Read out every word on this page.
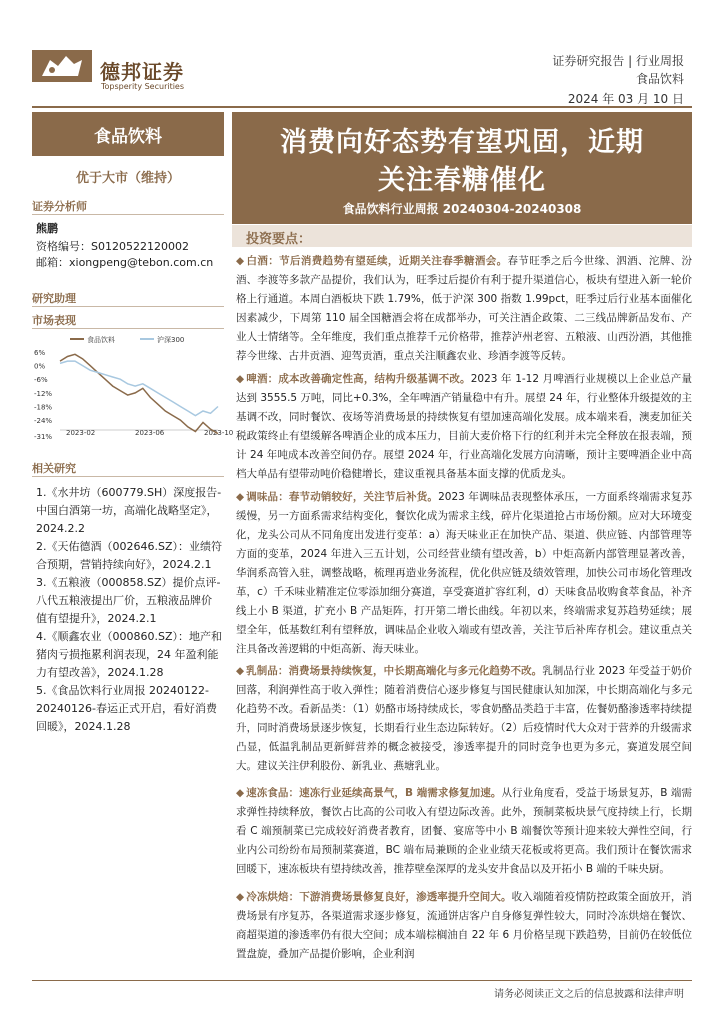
德邦证券
Topsperity Securities
证券研究报告 | 行业周报
食品饮料
2024 年 03 月 10 日
食品饮料
优于大市（维持）
证券分析师
熊鹏
资格编号：S0120522120002
邮箱：xiongpeng@tebon.com.cn
研究助理
市场表现
食品饮料	沪深300
6%
0%
-6%
-12%
-18%
-24%
-31% 2023-02	2023-06	2023-10
相关研究
1.《水井坊（600779.SH）深度报告-中国白酒第一坊，高端化战略坚定》，2024.2.2
2.《天佑德酒（002646.SZ）：业绩符合预期，营销持续向好》，2024.2.1
3.《五粮液（000858.SZ）提价点评-八代五粮液提出厂价，五粮液品牌价值有望提升》，2024.2.1
4.《顺鑫农业（000860.SZ）：地产和猪肉亏损拖累利润表现，24 年盈利能力有望改善》，2024.1.28
5.《食品饮料行业周报 20240122-20240126-春运正式开启，看好消费回暖》，2024.1.28
消费向好态势有望巩固，近期
关注春糖催化
食品饮料行业周报 20240304-20240308
投资要点：
◆ 白酒：节后消费趋势有望延续，近期关注春季糖酒会。春节旺季之后今世缘、泗酒、沱牌、汾酒、李渡等多款产品提价，我们认为，旺季过后提价有利于提升渠道信心，板块有望进入新一轮价格上行通道。本周白酒板块下跌 1.79%，低于沪深 300 指数 1.99pct，旺季过后行业基本面催化因素减少，下周第 110 届全国糖酒会将在成都举办，可关注酒企政策、二三线品牌新品发布、产业人士情绪等。全年维度，我们重点推荐千元价格带，推荐泸州老窖、五粮液、山西汾酒，其他推荐今世缘、古井贡酒、迎驾贡酒，重点关注顺鑫农业、珍酒李渡等反转。
◆ 啤酒：成本改善确定性高，结构升级基调不改。2023 年 1-12 月啤酒行业规模以上企业总产量达到 3555.5 万吨，同比+0.3%，全年啤酒产销量稳中有升。展望 24 年，行业整体升级提效的主基调不改，同时餐饮、夜场等消费场景的持续恢复有望加速高端化发展。成本端来看，澳麦加征关税政策终止有望缓解各啤酒企业的成本压力，目前大麦价格下行的红利并未完全释放在报表端，预计 24 年吨成本改善空间仍存。展望 2024 年，行业高端化发展方向清晰，预计主要啤酒企业中高档大单品有望带动吨价稳健增长，建议重视具备基本面支撑的优质龙头。
◆ 调味品：春节动销较好，关注节后补货。2023 年调味品表现整体承压，一方面系终端需求复苏缓慢，另一方面系需求结构变化，餐饮化成为需求主线，碎片化渠道抢占市场份额。应对大环境变化，龙头公司从不同角度出发进行变革：a）海天味业正在加快产品、渠道、供应链、内部管理等方面的变革，2024 年进入三五计划，公司经营业绩有望改善，b）中炬高新内部管理显著改善，华润系高管入驻，调整战略，梳理再造业务流程，优化供应链及绩效管理，加快公司市场化管理改革，c）千禾味业精准定位零添加细分赛道，享受赛道扩容红利，d）天味食品收购食萃食品，补齐线上小 B 渠道，扩充小 B 产品矩阵，打开第二增长曲线。年初以来，终端需求复苏趋势延续；展望全年，低基数红利有望释放，调味品企业收入端或有望改善，关注节后补库存机会。建议重点关注具备改善逻辑的中炬高新、海天味业。
◆ 乳制品：消费场景持续恢复，中长期高端化与多元化趋势不改。乳制品行业 2023 年受益于奶价回落，利润弹性高于收入弹性；随着消费信心逐步修复与国民健康认知加深，中长期高端化与多元化趋势不改。看新品类：（1）奶酪市场持续成长，零食奶酪品类趋于丰富，佐餐奶酪渗透率持续提升，同时消费场景逐步恢复，长期看行业生态边际转好。（2）后疫情时代大众对于营养的升级需求凸显，低温乳制品更新鲜营养的概念被接受，渗透率提升的同时竞争也更为多元，赛道发展空间大。建议关注伊利股份、新乳业、燕塘乳业。
◆ 速冻食品：速冻行业延续高景气，B 端需求修复加速。从行业角度看，受益于场景复苏，B 端需求弹性持续释放，餐饮占比高的公司收入有望边际改善。此外，预制菜板块景气度持续上行，长期看 C 端预制菜已完成较好消费者教育，团餐、宴席等中小 B 端餐饮等预计迎来较大弹性空间，行业内公司纷纷布局预制菜赛道，BC 端布局兼顾的企业业绩天花板或将更高。我们预计在餐饮需求回暖下，速冻板块有望持续改善，推荐壁垒深厚的龙头安井食品以及开拓小 B 端的千味央厨。
◆ 冷冻烘焙：下游消费场景修复良好，渗透率提升空间大。收入端随着疫情防控政策全面放开，消费场景有序复苏，各渠道需求逐步修复，流通饼店客户自身修复弹性较大，同时冷冻烘焙在餐饮、商超渠道的渗透率仍有很大空间；成本端棕榈油自 22 年 6 月价格呈现下跌趋势，目前仍在较低位置盘旋，叠加产品提价影响，企业利润
请务必阅读正文之后的信息披露和法律声明
